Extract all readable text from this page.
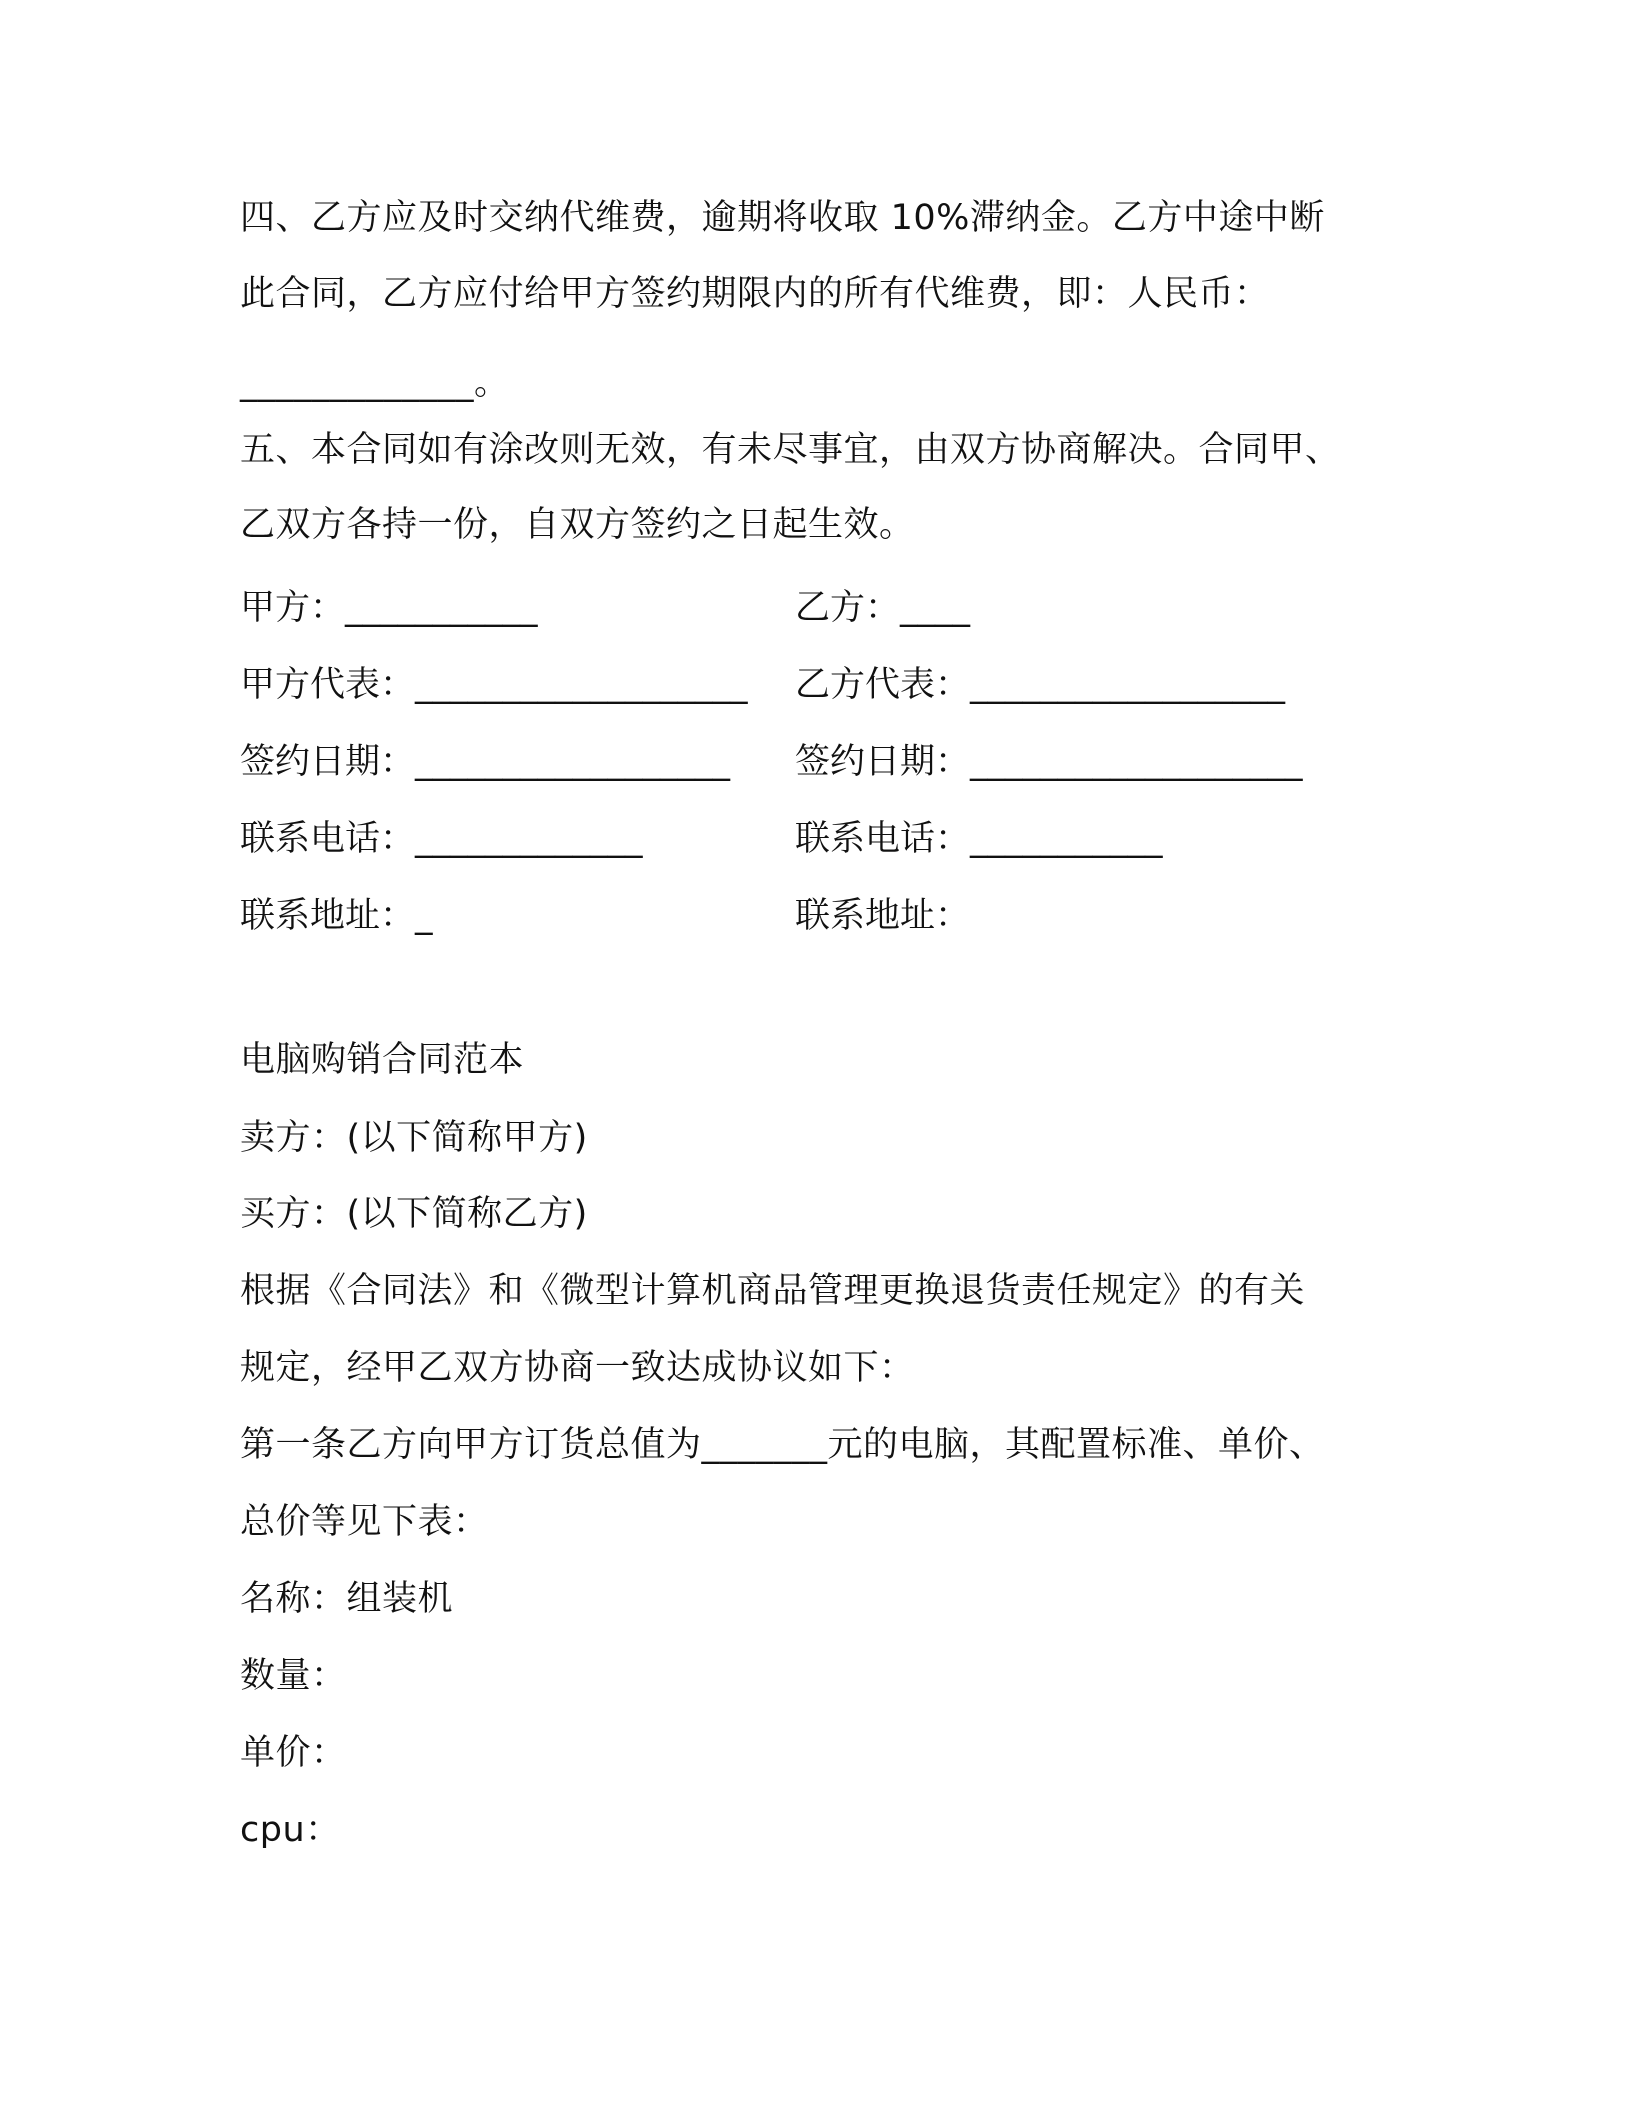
四、乙方应及时交纳代维费，逾期将收取 10%滞纳金。乙方中途中断
此合同，乙方应付给甲方签约期限内的所有代维费，即：人民币：
_____________。
五、本合同如有涂改则无效，有未尽事宜，由双方协商解决。合同甲、
乙双方各持一份，自双方签约之日起生效。
甲方：___________	乙方：____
甲方代表：___________________ 乙方代表：__________________
签约日期：__________________ 签约日期：___________________
联系电话：_____________	联系电话：___________
联系地址：_	联系地址：
电脑购销合同范本
卖方：(以下简称甲方)
买方：(以下简称乙方)
根据《合同法》和《微型计算机商品管理更换退货责任规定》的有关
规定，经甲乙双方协商一致达成协议如下：
第一条乙方向甲方订货总值为_______元的电脑，其配置标准、单价、
总价等见下表：
名称：组装机
数量：
单价：
cpu：
